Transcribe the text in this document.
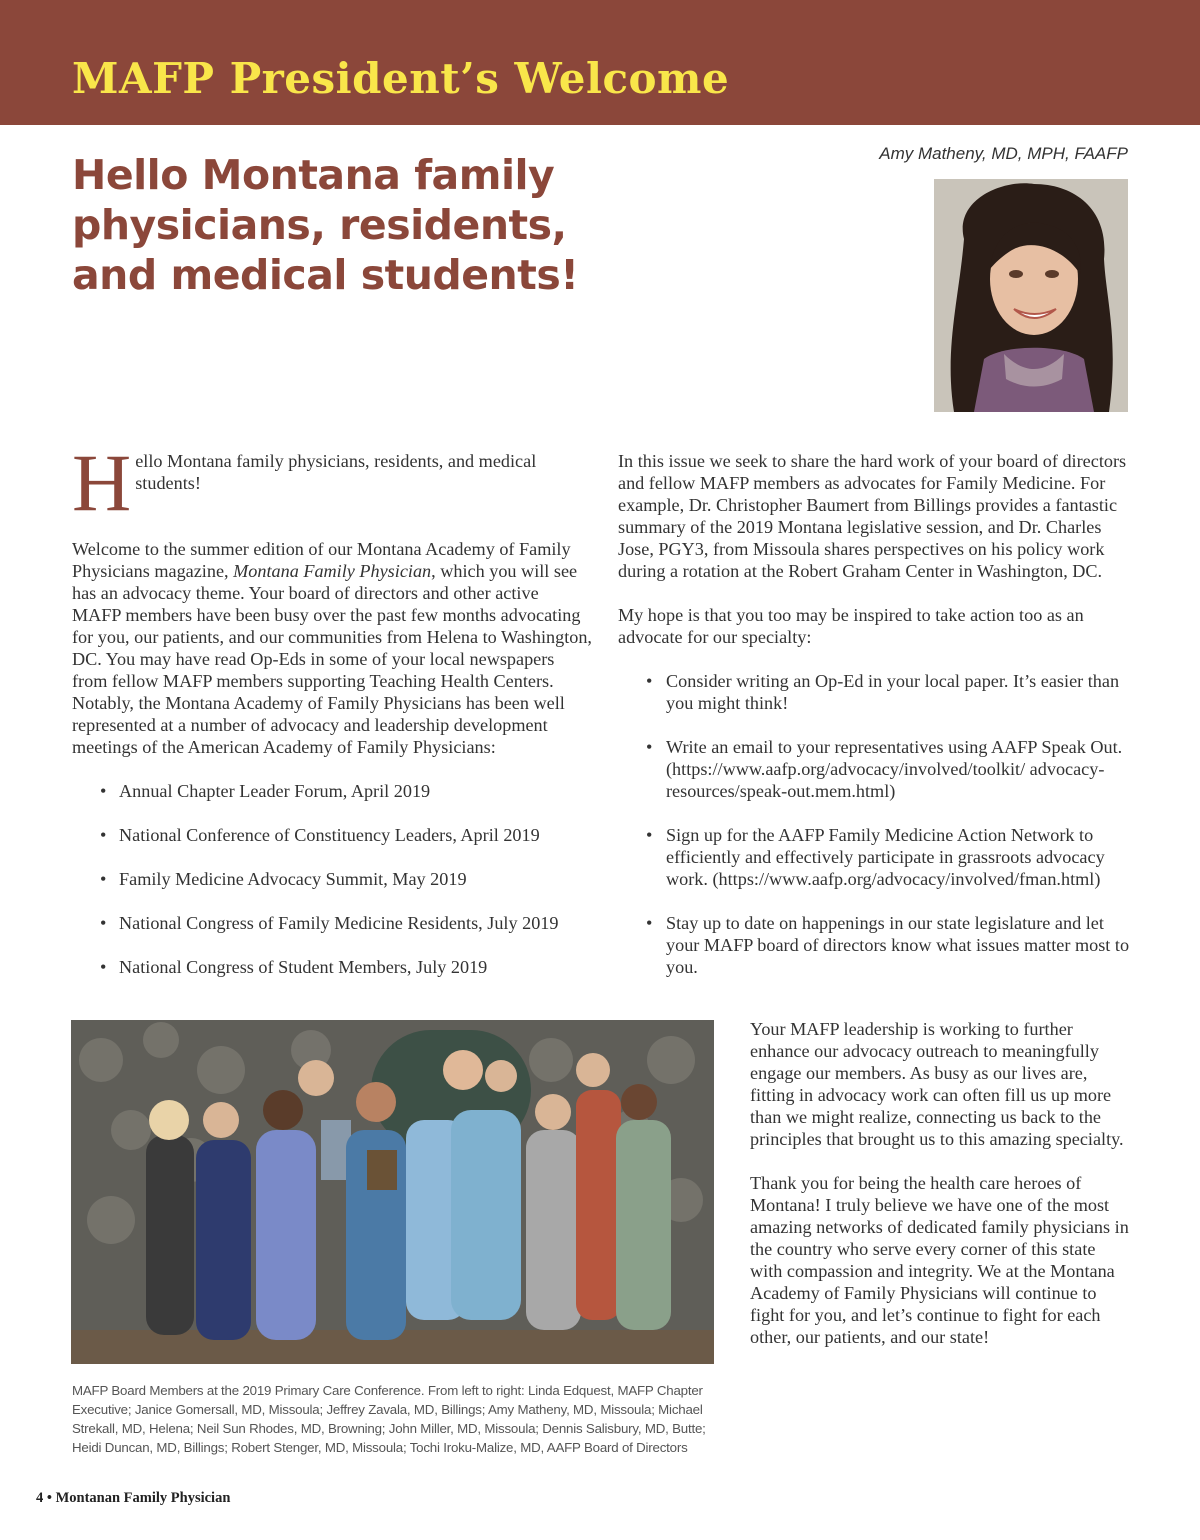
MAFP President’s Welcome
Hello Montana family physicians, residents, and medical students!
Amy Matheny, MD, MPH, FAAFP

Hello Montana family physicians, residents, and medical students!

Welcome to the summer edition of our Montana Academy of Family Physicians magazine, Montana Family Physician, which you will see has an advocacy theme. Your board of directors and other active MAFP members have been busy over the past few months advocating for you, our patients, and our communities from Helena to Washington, DC. You may have read Op-Eds in some of your local newspapers from fellow MAFP members supporting Teaching Health Centers. Notably, the Montana Academy of Family Physicians has been well represented at a number of advocacy and leadership development meetings of the American Academy of Family Physicians:

• Annual Chapter Leader Forum, April 2019
• National Conference of Constituency Leaders, April 2019
• Family Medicine Advocacy Summit, May 2019
• National Congress of Family Medicine Residents, July 2019
• National Congress of Student Members, July 2019

In this issue we seek to share the hard work of your board of directors and fellow MAFP members as advocates for Family Medicine. For example, Dr. Christopher Baumert from Billings provides a fantastic summary of the 2019 Montana legislative session, and Dr. Charles Jose, PGY3, from Missoula shares perspectives on his policy work during a rotation at the Robert Graham Center in Washington, DC.

My hope is that you too may be inspired to take action too as an advocate for our specialty:

• Consider writing an Op-Ed in your local paper. It’s easier than you might think!
• Write an email to your representatives using AAFP Speak Out. (https://www.aafp.org/advocacy/involved/toolkit/ advocacy-resources/speak-out.mem.html)
• Sign up for the AAFP Family Medicine Action Network to efficiently and effectively participate in grassroots advocacy work. (https://www.aafp.org/advocacy/involved/fman.html)
• Stay up to date on happenings in our state legislature and let your MAFP board of directors know what issues matter most to you.
MAFP Board Members at the 2019 Primary Care Conference. From left to right: Linda Edquest, MAFP Chapter Executive; Janice Gomersall, MD, Missoula; Jeffrey Zavala, MD, Billings; Amy Matheny, MD, Missoula; Michael Strekall, MD, Helena; Neil Sun Rhodes, MD, Browning; John Miller, MD, Missoula; Dennis Salisbury, MD, Butte; Heidi Duncan, MD, Billings; Robert Stenger, MD, Missoula; Tochi Iroku-Malize, MD, AAFP Board of Directors

Your MAFP leadership is working to further enhance our advocacy outreach to meaningfully engage our members. As busy as our lives are, fitting in advocacy work can often fill us up more than we might realize, connecting us back to the principles that brought us to this amazing specialty.

Thank you for being the health care heroes of Montana! I truly believe we have one of the most amazing networks of dedicated family physicians in the country who serve every corner of this state with compassion and integrity. We at the Montana Academy of Family Physicians will continue to fight for you, and let’s continue to fight for each other, our patients, and our state!

4 • Montanan Family Physician
